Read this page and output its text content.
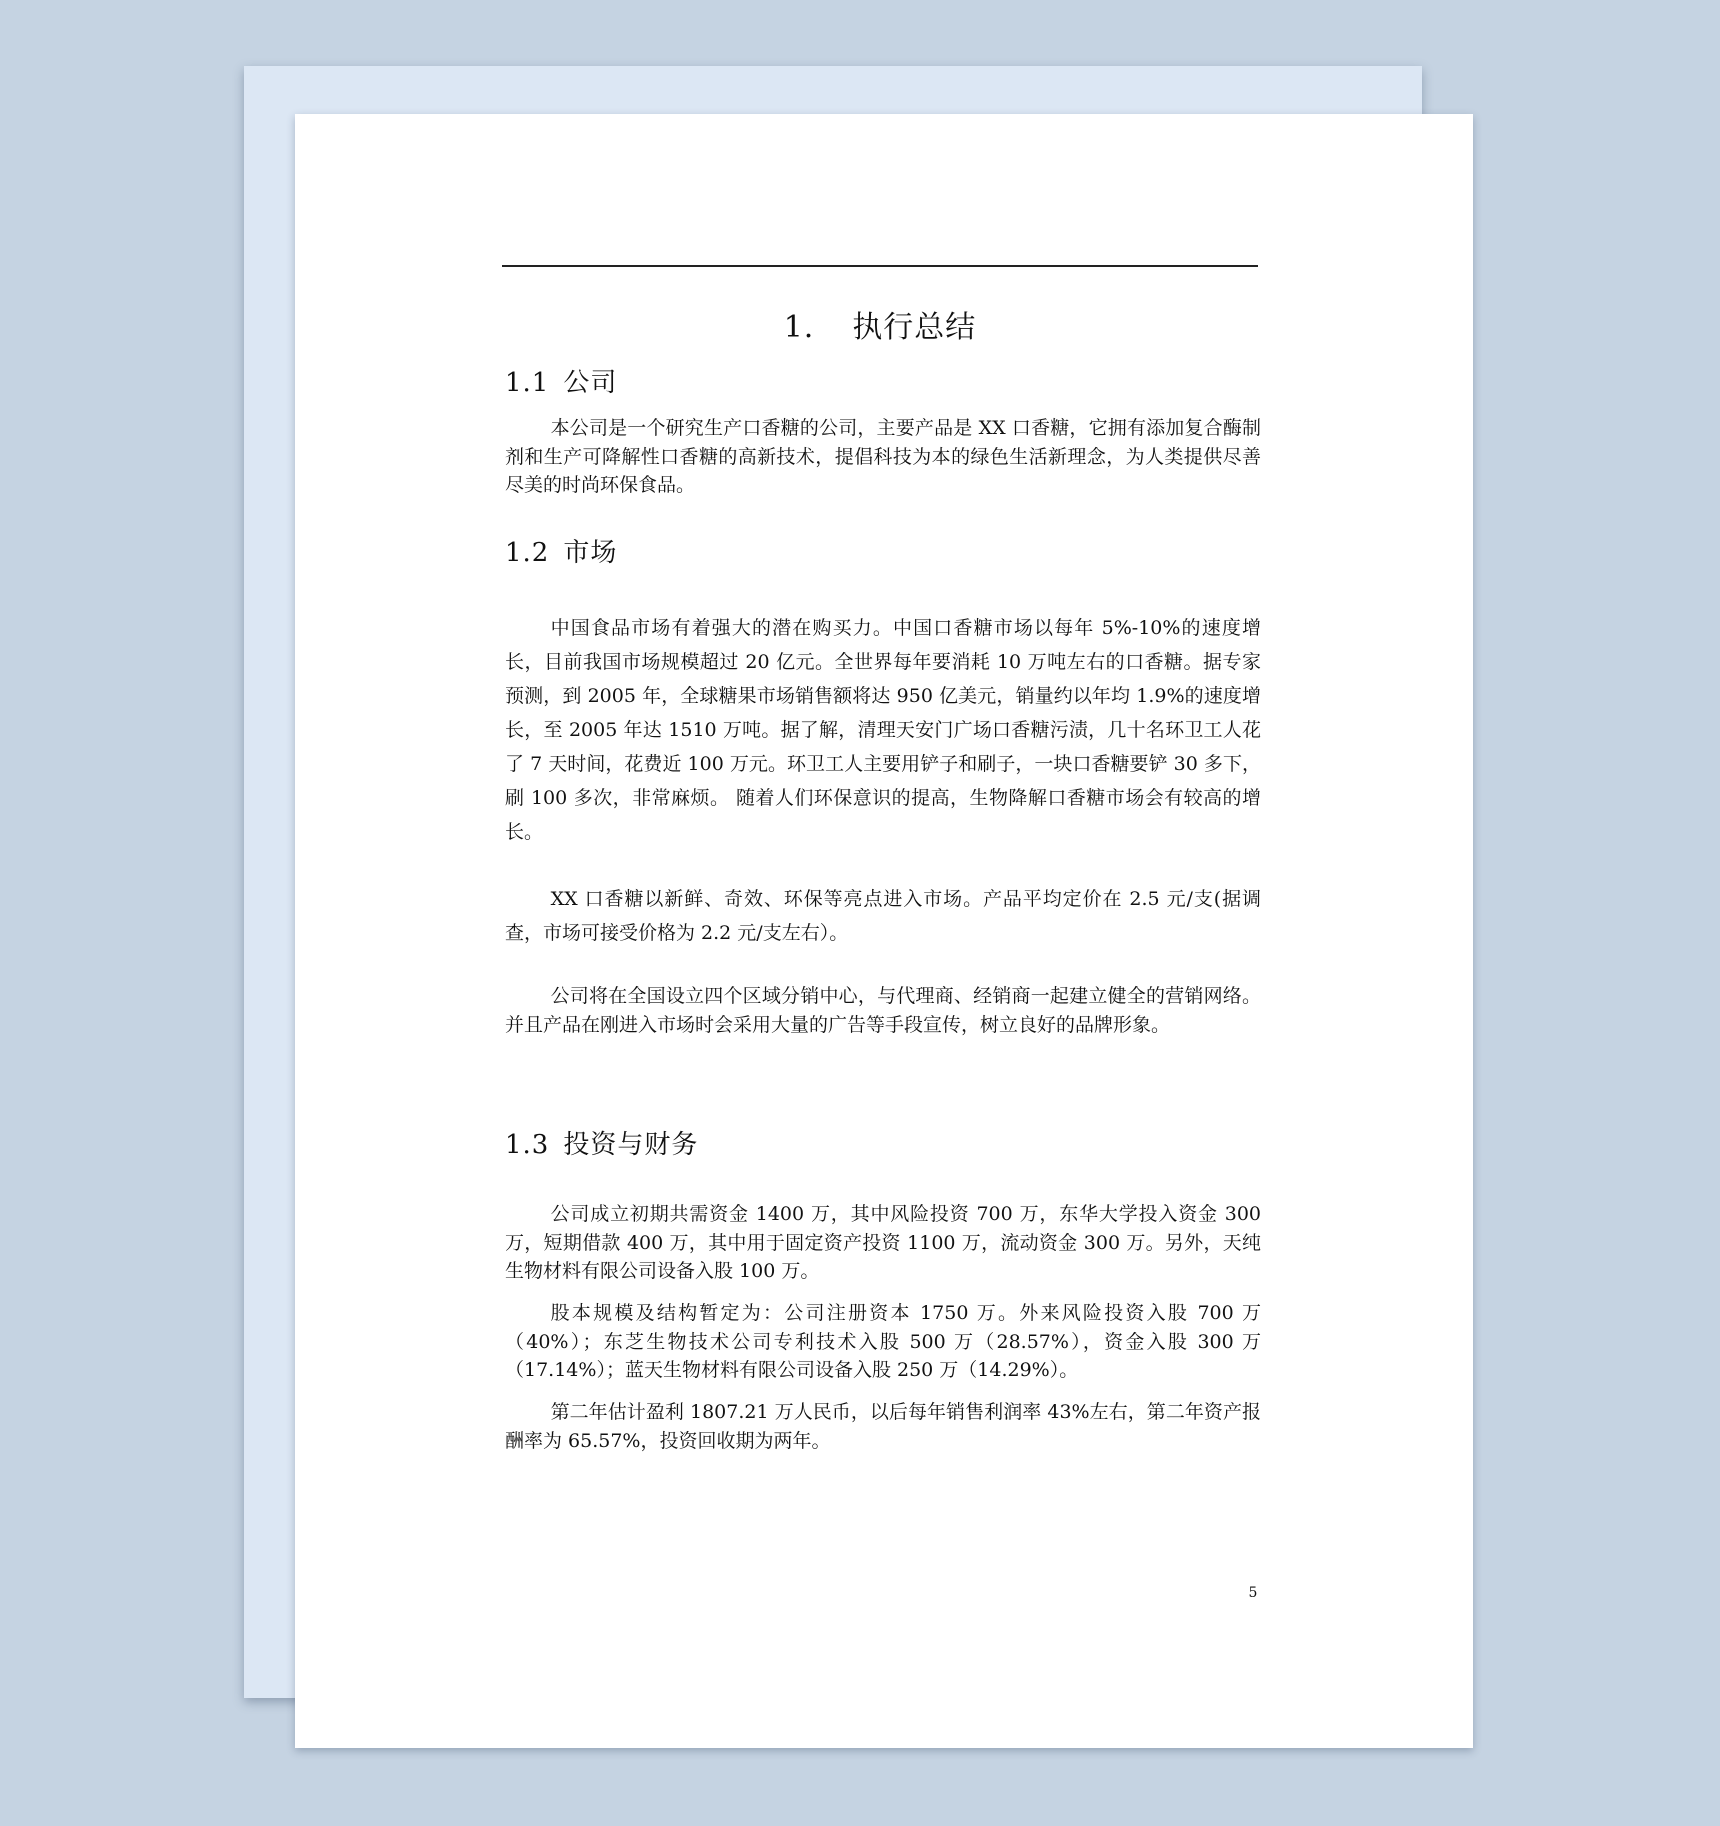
1. 执行总结
1.1 公司

本公司是一个研究生产口香糖的公司，主要产品是 XX 口香糖，它拥有添加复合酶制剂和生产可降解性口香糖的高新技术，提倡科技为本的绿色生活新理念，为人类提供尽善尽美的时尚环保食品。

1.2 市场

中国食品市场有着强大的潜在购买力。中国口香糖市场以每年 5%-10%的速度增长，目前我国市场规模超过 20 亿元。全世界每年要消耗 10 万吨左右的口香糖。据专家预测，到 2005 年，全球糖果市场销售额将达 950 亿美元，销量约以年均 1.9%的速度增长，至 2005 年达 1510 万吨。据了解，清理天安门广场口香糖污渍，几十名环卫工人花了 7 天时间，花费近 100 万元。环卫工人主要用铲子和刷子，一块口香糖要铲 30 多下，刷 100 多次，非常麻烦。 随着人们环保意识的提高，生物降解口香糖市场会有较高的增长。

XX 口香糖以新鲜、奇效、环保等亮点进入市场。产品平均定价在 2.5 元/支(据调查，市场可接受价格为 2.2 元/支左右）。

公司将在全国设立四个区域分销中心，与代理商、经销商一起建立健全的营销网络。并且产品在刚进入市场时会采用大量的广告等手段宣传，树立良好的品牌形象。

1.3 投资与财务

公司成立初期共需资金 1400 万，其中风险投资 700 万，东华大学投入资金 300 万，短期借款 400 万，其中用于固定资产投资 1100 万，流动资金 300 万。另外，天纯生物材料有限公司设备入股 100 万。

股本规模及结构暂定为：公司注册资本 1750 万。外来风险投资入股 700 万（40%）；东芝生物技术公司专利技术入股 500 万（28.57%），资金入股 300 万（17.14%）；蓝天生物材料有限公司设备入股 250 万（14.29%）。

第二年估计盈利 1807.21 万人民币，以后每年销售利润率 43%左右，第二年资产报酬率为 65.57%，投资回收期为两年。

5
